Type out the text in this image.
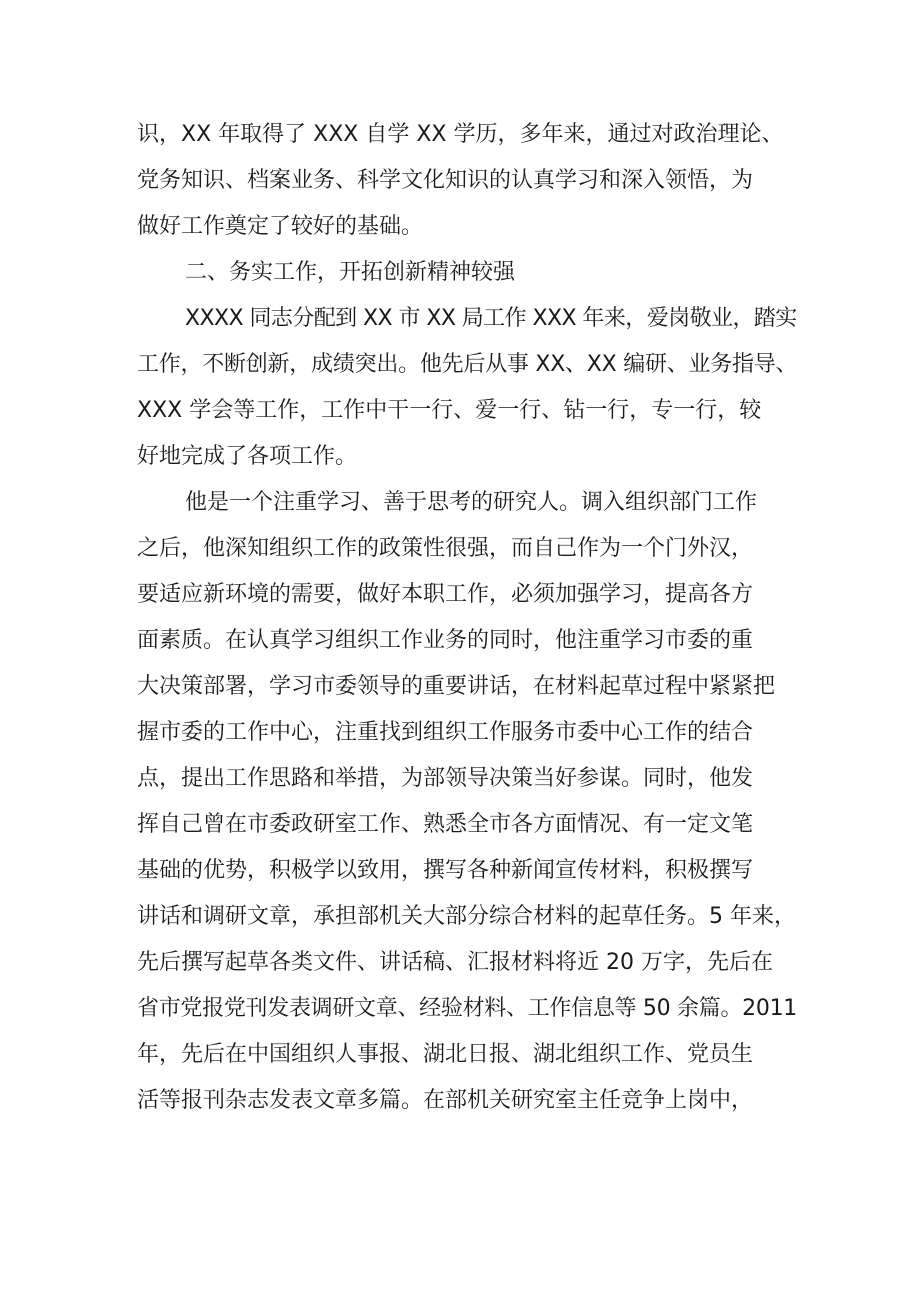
识，XX 年取得了 XXX 自学 XX 学历，多年来，通过对政治理论、
党务知识、档案业务、科学文化知识的认真学习和深入领悟，为
做好工作奠定了较好的基础。
二、务实工作，开拓创新精神较强
XXXX 同志分配到 XX 市 XX 局工作 XXX 年来，爱岗敬业，踏实
工作，不断创新，成绩突出。他先后从事 XX、XX 编研、业务指导、
XXX 学会等工作，工作中干一行、爱一行、钻一行，专一行，较
好地完成了各项工作。
他是一个注重学习、善于思考的研究人。调入组织部门工作
之后，他深知组织工作的政策性很强，而自己作为一个门外汉，
要适应新环境的需要，做好本职工作，必须加强学习，提高各方
面素质。在认真学习组织工作业务的同时，他注重学习市委的重
大决策部署，学习市委领导的重要讲话，在材料起草过程中紧紧把
握市委的工作中心，注重找到组织工作服务市委中心工作的结合
点，提出工作思路和举措，为部领导决策当好参谋。同时，他发
挥自己曾在市委政研室工作、熟悉全市各方面情况、有一定文笔
基础的优势，积极学以致用，撰写各种新闻宣传材料，积极撰写
讲话和调研文章，承担部机关大部分综合材料的起草任务。5 年来，
先后撰写起草各类文件、讲话稿、汇报材料将近 20 万字，先后在
省市党报党刊发表调研文章、经验材料、工作信息等 50 余篇。2011
年，先后在中国组织人事报、湖北日报、湖北组织工作、党员生
活等报刊杂志发表文章多篇。在部机关研究室主任竞争上岗中，
